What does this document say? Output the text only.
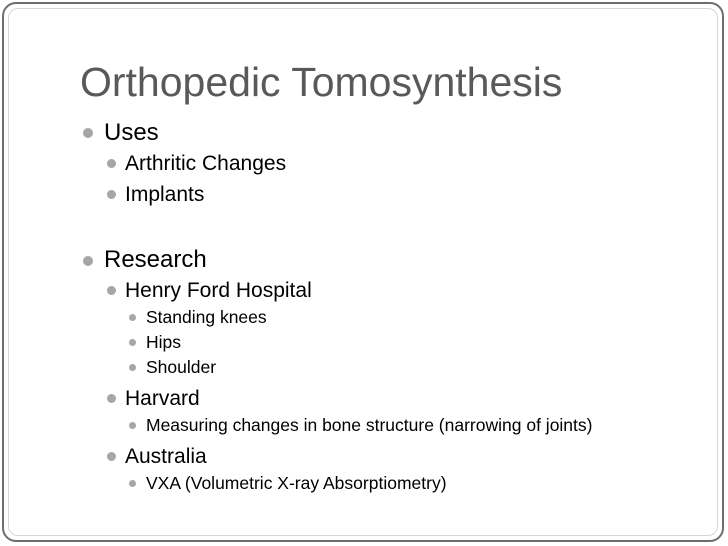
Orthopedic Tomosynthesis
Uses
Arthritic Changes
Implants
Research
Henry Ford Hospital
Standing knees
Hips
Shoulder
Harvard
Measuring changes in bone structure (narrowing of joints)
Australia
VXA (Volumetric X-ray Absorptiometry)
